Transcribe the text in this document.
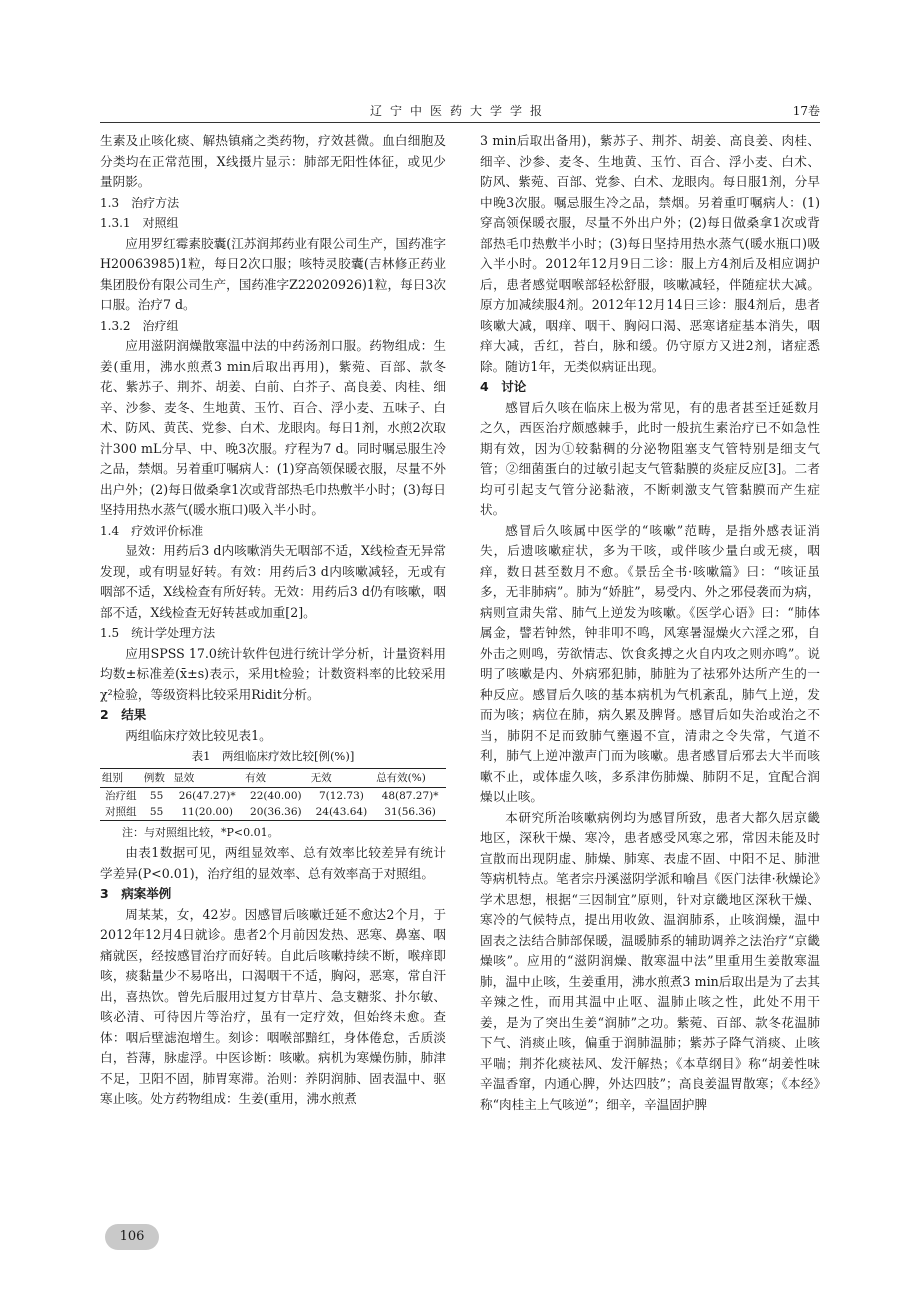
辽宁中医药大学学报	17卷

生素及止咳化痰、解热镇痛之类药物，疗效甚微。血白细胞及分类均在正常范围，X线摄片显示：肺部无阳性体征，或见少量阴影。

1.3　治疗方法

1.3.1　对照组

应用罗红霉素胶囊(江苏润邦药业有限公司生产，国药准字H20063985)1粒，每日2次口服；咳特灵胶囊(吉林修正药业集团股份有限公司生产，国药准字Z22020926)1粒，每日3次口服。治疗7 d。

1.3.2　治疗组

应用滋阴润燥散寒温中法的中药汤剂口服。药物组成：生姜(重用，沸水煎煮3 min后取出再用)，紫菀、百部、款冬花、紫苏子、荆芥、胡姜、白前、白芥子、高良姜、肉桂、细辛、沙参、麦冬、生地黄、玉竹、百合、浮小麦、五味子、白术、防风、黄芪、党参、白术、龙眼肉。每日1剂，水煎2次取汁300 mL分早、中、晚3次服。疗程为7 d。同时嘱忌服生冷之品，禁烟。另着重叮嘱病人：(1)穿高领保暖衣服，尽量不外出户外；(2)每日做桑拿1次或背部热毛巾热敷半小时；(3)每日坚持用热水蒸气(暖水瓶口)吸入半小时。

1.4　疗效评价标准

显效：用药后3 d内咳嗽消失无咽部不适，X线检查无异常发现，或有明显好转。有效：用药后3 d内咳嗽减轻，无或有咽部不适，X线检查有所好转。无效：用药后3 d仍有咳嗽，咽部不适，X线检查无好转甚或加重[2]。

1.5　统计学处理方法

应用SPSS 17.0统计软件包进行统计学分析，计量资料用均数±标准差(x̄±s)表示，采用t检验；计数资料率的比较采用χ²检验，等级资料比较采用Ridit分析。

2　结果

两组临床疗效比较见表1。

表1　两组临床疗效比较[例(%)]

组别	例数	显效	有效	无效	总有效(%)
治疗组	55	26(47.27)*	22(40.00)	7(12.73)	48(87.27)*
对照组	55	11(20.00)	20(36.36)	24(43.64)	31(56.36)

注：与对照组比较，*P<0.01。

由表1数据可见，两组显效率、总有效率比较差异有统计学差异(P<0.01)，治疗组的显效率、总有效率高于对照组。

3　病案举例

周某某，女，42岁。因感冒后咳嗽迁延不愈达2个月，于2012年12月4日就诊。患者2个月前因发热、恶寒、鼻塞、咽痛就医，经按感冒治疗而好转。自此后咳嗽持续不断，喉痒即咳，痰黏量少不易咯出，口渴咽干不适，胸闷，恶寒，常自汗出，喜热饮。曾先后服用过复方甘草片、急支糖浆、扑尔敏、咳必清、可待因片等治疗，虽有一定疗效，但始终未愈。查体：咽后壁滤泡增生。刻诊：咽喉部黯红，身体倦怠，舌质淡白，苔薄，脉虚浮。中医诊断：咳嗽。病机为寒燥伤肺，肺津不足，卫阳不固，肺胃寒滞。治则：养阴润肺、固表温中、驱寒止咳。处方药物组成：生姜(重用，沸水煎煮

3 min后取出备用)，紫苏子、荆芥、胡姜、高良姜、肉桂、细辛、沙参、麦冬、生地黄、玉竹、百合、浮小麦、白术、防风、紫菀、百部、党参、白术、龙眼肉。每日服1剂，分早中晚3次服。嘱忌服生冷之品，禁烟。另着重叮嘱病人：(1)穿高领保暖衣服，尽量不外出户外；(2)每日做桑拿1次或背部热毛巾热敷半小时；(3)每日坚持用热水蒸气(暖水瓶口)吸入半小时。2012年12月9日二诊：服上方4剂后及相应调护后，患者感觉咽喉部轻松舒服，咳嗽减轻，伴随症状大减。原方加减续服4剂。2012年12月14日三诊：服4剂后，患者咳嗽大减，咽痒、咽干、胸闷口渴、恶寒诸症基本消失，咽痒大减，舌红，苔白，脉和缓。仍守原方又进2剂，诸症悉除。随访1年，无类似病证出现。

4　讨论

感冒后久咳在临床上极为常见，有的患者甚至迁延数月之久，西医治疗颇感棘手，此时一般抗生素治疗已不如急性期有效，因为①较黏稠的分泌物阻塞支气管特别是细支气管；②细菌蛋白的过敏引起支气管黏膜的炎症反应[3]。二者均可引起支气管分泌黏液，不断刺激支气管黏膜而产生症状。

感冒后久咳属中医学的“咳嗽”范畴，是指外感表证消失，后遗咳嗽症状，多为干咳，或伴咳少量白或无痰，咽痒，数日甚至数月不愈。《景岳全书·咳嗽篇》曰：“咳证虽多，无非肺病”。肺为“娇脏”，易受内、外之邪侵袭而为病，病则宣肃失常、肺气上逆发为咳嗽。《医学心语》曰：“肺体属金，譬若钟然，钟非叩不鸣，风寒暑湿燥火六淫之邪，自外击之则鸣，劳欲情志、饮食炙搏之火自内攻之则亦鸣”。说明了咳嗽是内、外病邪犯肺，肺脏为了祛邪外达所产生的一种反应。感冒后久咳的基本病机为气机紊乱，肺气上逆，发而为咳；病位在肺，病久累及脾肾。感冒后如失治或治之不当，肺阴不足而致肺气壅遏不宣，清肃之令失常，气道不利，肺气上逆冲激声门而为咳嗽。患者感冒后邪去大半而咳嗽不止，或体虚久咳，多系津伤肺燥、肺阴不足，宜配合润燥以止咳。

本研究所治咳嗽病例均为感冒所致，患者大都久居京畿地区，深秋干燥、寒冷，患者感受风寒之邪，常因未能及时宣散而出现阴虚、肺燥、肺寒、表虚不固、中阳不足、肺泄等病机特点。笔者宗丹溪滋阴学派和喻昌《医门法律·秋燥论》学术思想，根据“三因制宜”原则，针对京畿地区深秋干燥、寒冷的气候特点，提出用收敛、温润肺系，止咳润燥，温中固表之法结合肺部保暖，温暖肺系的辅助调养之法治疗“京畿燥咳”。应用的“滋阴润燥、散寒温中法”里重用生姜散寒温肺，温中止咳，生姜重用，沸水煎煮3 min后取出是为了去其辛辣之性，而用其温中止呕、温肺止咳之性，此处不用干姜，是为了突出生姜“润肺”之功。紫菀、百部、款冬花温肺下气、消痰止咳，偏重于润肺温肺；紫苏子降气消痰、止咳平喘；荆芥化痰祛风、发汗解热；《本草纲目》称“胡姜性味辛温香窜，内通心脾，外达四肢”；高良姜温胃散寒；《本经》称“肉桂主上气咳逆”；细辛，辛温固护脾

106
